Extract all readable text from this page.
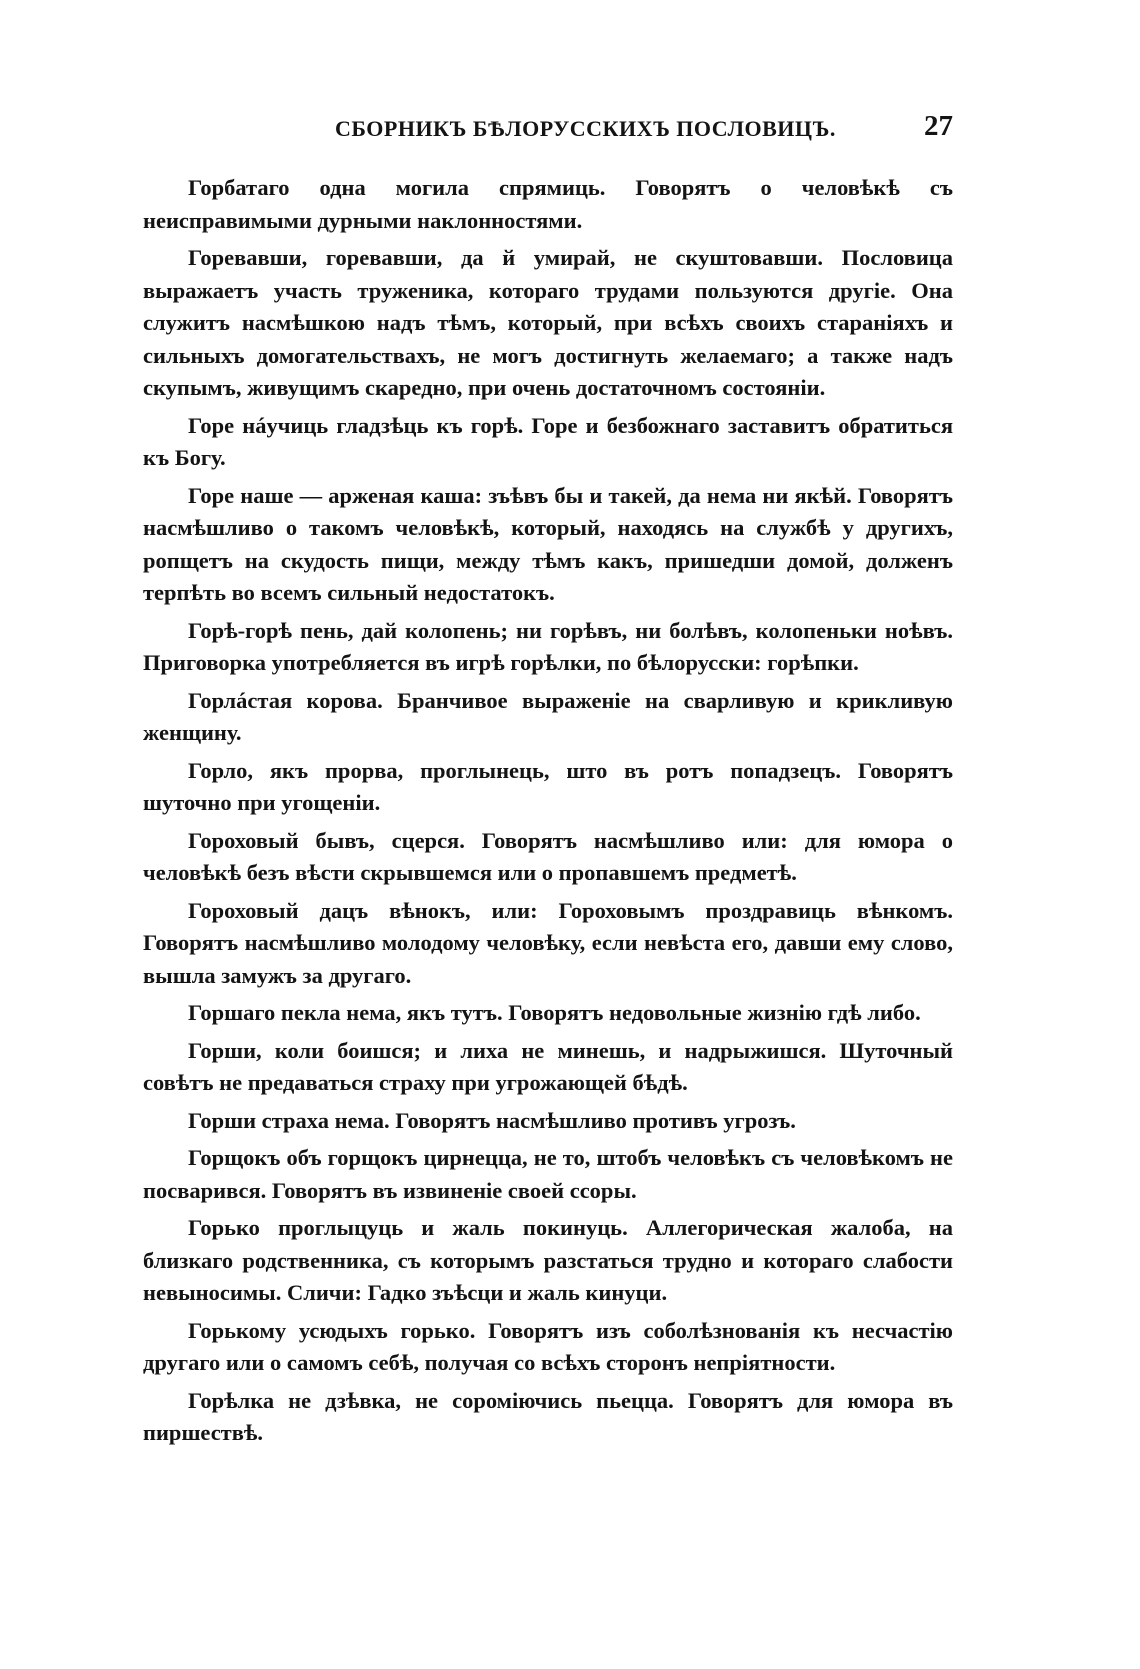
СБОРНИКЪ БѢЛОРУССКИХЪ ПОСЛОВИЦЪ.	27

Горбатаго одна могила спрямиць. Говорятъ о человѣкѣ съ неисправимыми дурными наклонностями.

Горевавши, горевавши, да й умирай, не скуштовавши. Пословица выражаетъ участь труженика, котораго трудами пользуются другіе. Она служитъ насмѣшкою надъ тѣмъ, который, при всѣхъ своихъ стараніяхъ и сильныхъ домогательствахъ, не могъ достигнуть желаемаго; а также надъ скупымъ, живущимъ скаредно, при очень достаточномъ состояніи.

Горе нáучиць гладзѣць къ горѣ. Горе и безбожнаго заставитъ обратиться къ Богу.

Горе наше — арженая каша: зъѣвъ бы и такей, да нема ни якѣй. Говорятъ насмѣшливо о такомъ человѣкѣ, который, находясь на службѣ у другихъ, ропщетъ на скудость пищи, между тѣмъ какъ, пришедши домой, долженъ терпѣть во всемъ сильный недостатокъ.

Горѣ-горѣ пень, дай колопень; ни горѣвъ, ни болѣвъ, колопеньки ноѣвъ. Приговорка употребляется въ игрѣ горѣлки, по бѣлорусски: горѣпки.

Горлáстая корова. Бранчивое выраженіе на сварливую и крикливую женщину.

Горло, якъ прорва, проглынець, што въ ротъ попадзецъ. Говорятъ шуточно при угощеніи.

Гороховый бывъ, сцерся. Говорятъ насмѣшливо или: для юмора о человѣкѣ безъ вѣсти скрывшемся или о пропавшемъ предметѣ.

Гороховый дацъ вѣнокъ, или: Гороховымъ проздравиць вѣнкомъ. Говорятъ насмѣшливо молодому человѣку, если невѣста его, давши ему слово, вышла замужъ за другаго.

Горшаго пекла нема, якъ тутъ. Говорятъ недовольные жизнію гдѣ либо.

Горши, коли боишся; и лиха не минешь, и надрыжишся. Шуточный совѣтъ не предаваться страху при угрожающей бѣдѣ.

Горши страха нема. Говорятъ насмѣшливо противъ угрозъ.

Горщокъ объ горщокъ цирнецца, не то, штобъ человѣкъ съ человѣкомъ не посварився. Говорятъ въ извиненіе своей ссоры.

Горько проглыцуць и жаль покинуць. Аллегорическая жалоба, на близкаго родственника, съ которымъ разстаться трудно и котораго слабости невыносимы. Сличи: Гадко зъѣсци и жаль кинуци.

Горькому усюдыхъ горько. Говорятъ изъ соболѣзнованія къ несчастію другаго или о самомъ себѣ, получая со всѣхъ сторонъ непріятности.

Горѣлка не дзѣвка, не сороміючись пьецца. Говорятъ для юмора въ пиршествѣ.
